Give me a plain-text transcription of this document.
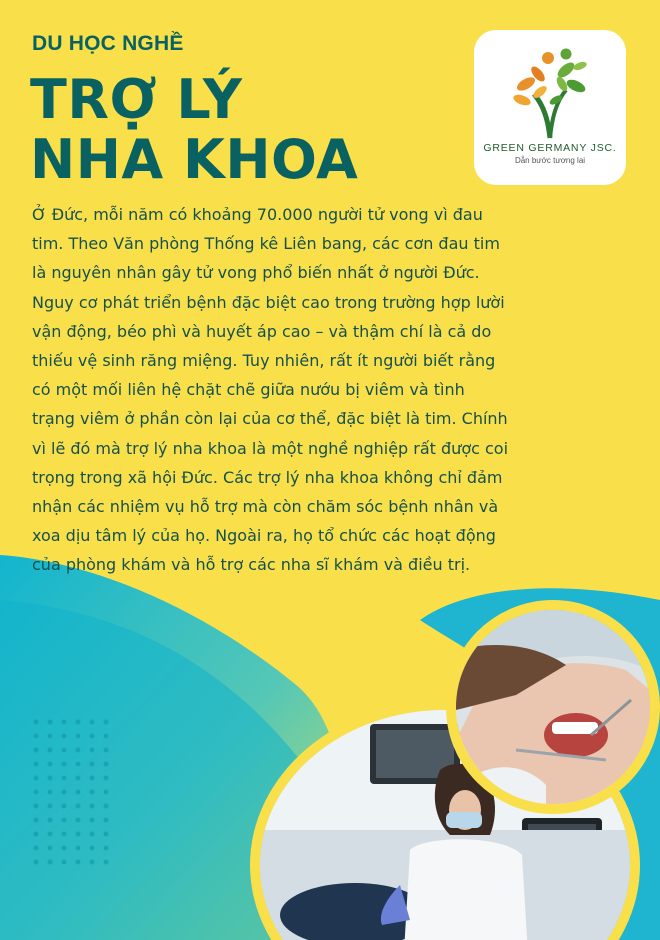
DU HỌC NGHỀ
TRỢ LÝ
NHA KHOA	GREEN GERMANY JSC.
Dẫn bước tương lai
Ở Đức, mỗi năm có khoảng 70.000 người tử vong vì đau
tim. Theo Văn phòng Thống kê Liên bang, các cơn đau tim
là nguyên nhân gây tử vong phổ biến nhất ở người Đức.
Nguy cơ phát triển bệnh đặc biệt cao trong trường hợp lười
vận động, béo phì và huyết áp cao – và thậm chí là cả do
thiếu vệ sinh răng miệng. Tuy nhiên, rất ít người biết rằng
có một mối liên hệ chặt chẽ giữa nướu bị viêm và tình
trạng viêm ở phần còn lại của cơ thể, đặc biệt là tim. Chính
vì lẽ đó mà trợ lý nha khoa là một nghề nghiệp rất được coi
trọng trong xã hội Đức. Các trợ lý nha khoa không chỉ đảm
nhận các nhiệm vụ hỗ trợ mà còn chăm sóc bệnh nhân và
xoa dịu tâm lý của họ. Ngoài ra, họ tổ chức các hoạt động
của phòng khám và hỗ trợ các nha sĩ khám và điều trị.
